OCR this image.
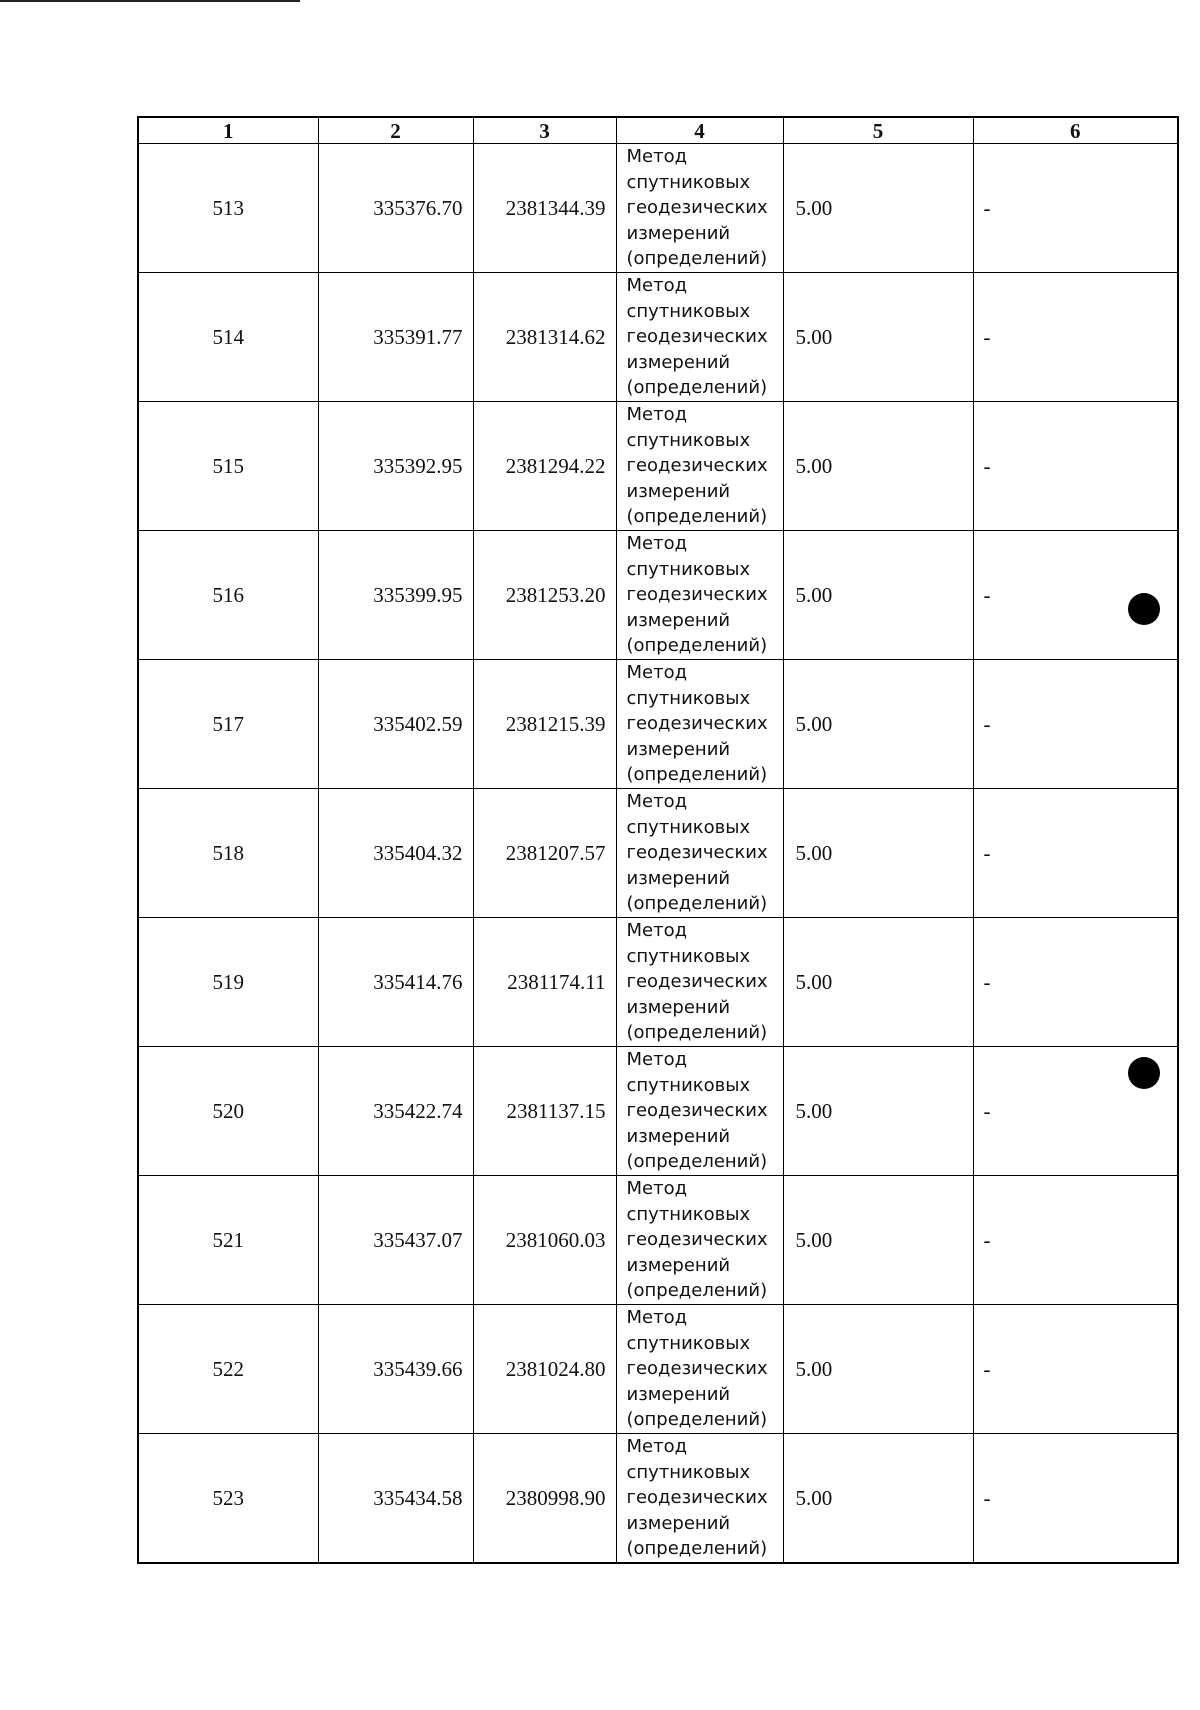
1	2	3	4	5	6
513	335376.70	2381344.39	Метод
спутниковых
геодезических
измерений
(определений)	5.00	-
514	335391.77	2381314.62	Метод
спутниковых
геодезических
измерений
(определений)	5.00	-
515	335392.95	2381294.22	Метод
спутниковых
геодезических
измерений
(определений)	5.00	-
516	335399.95	2381253.20	Метод
спутниковых
геодезических
измерений
(определений)	5.00	-
517	335402.59	2381215.39	Метод
спутниковых
геодезических
измерений
(определений)	5.00	-
518	335404.32	2381207.57	Метод
спутниковых
геодезических
измерений
(определений)	5.00	-
519	335414.76	2381174.11	Метод
спутниковых
геодезических
измерений
(определений)	5.00	-
520	335422.74	2381137.15	Метод
спутниковых
геодезических
измерений
(определений)	5.00	-
521	335437.07	2381060.03	Метод
спутниковых
геодезических
измерений
(определений)	5.00	-
522	335439.66	2381024.80	Метод
спутниковых
геодезических
измерений
(определений)	5.00	-
523	335434.58	2380998.90	Метод
спутниковых
геодезических
измерений
(определений)	5.00	-
